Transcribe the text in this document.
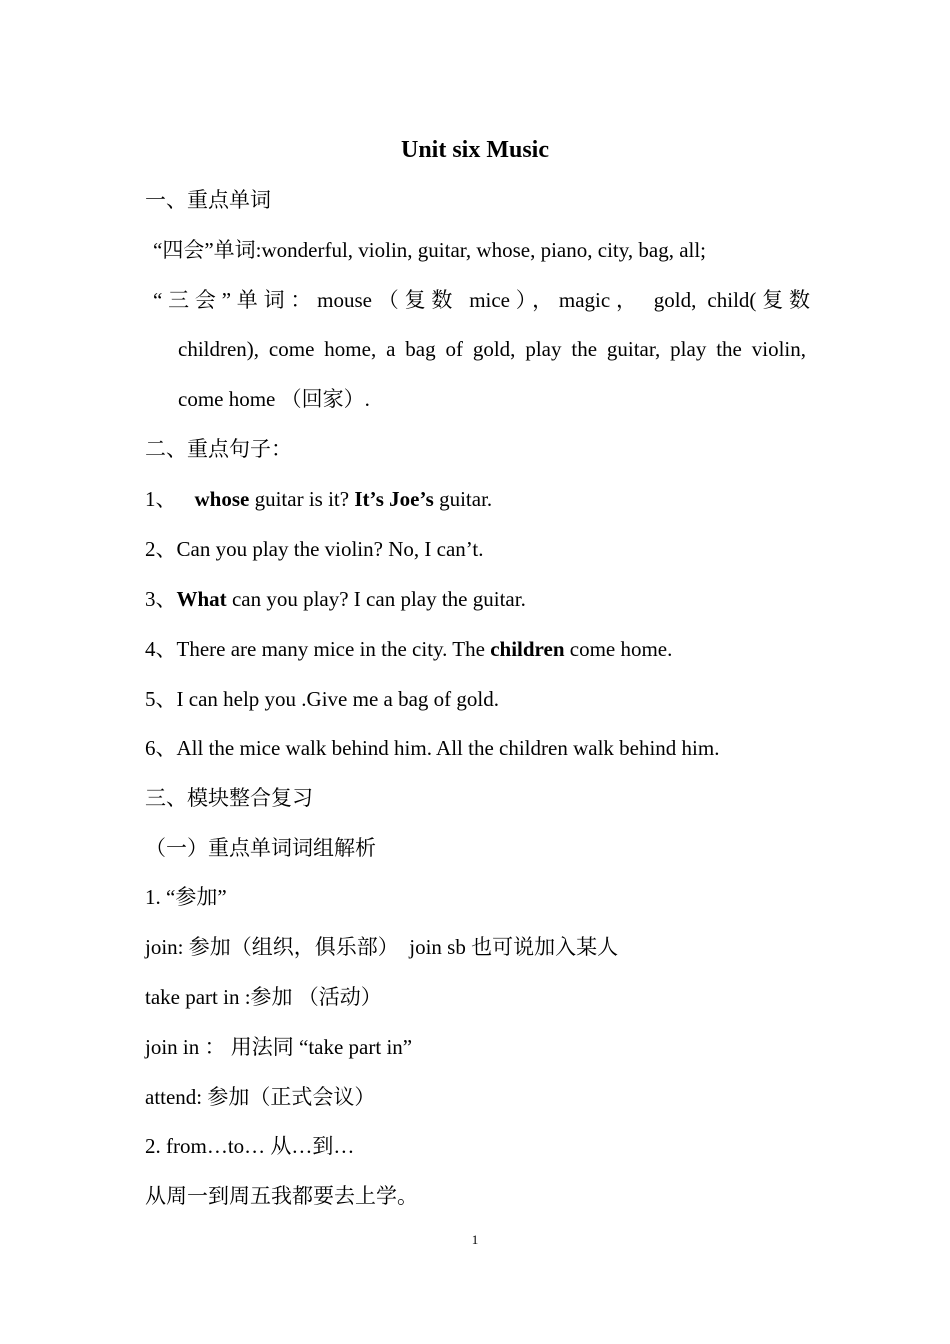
Unit six Music
一、重点单词
“四会”单词:wonderful, violin, guitar, whose, piano, city, bag, all;
“三会”单词：mouse（复数 mice），magic， gold, child(复数
children), come home, a bag of gold, play the guitar, play the violin,
come home （回家）.
二、重点句子：
1、 whose guitar is it? It’s Joe’s guitar.
2、Can you play the violin? No, I can’t.
3、What can you play? I can play the guitar.
4、There are many mice in the city. The children come home.
5、I can help you .Give me a bag of gold.
6、All the mice walk behind him. All the children walk behind him.
三、模块整合复习
（一）重点单词词组解析
1. “参加”
join: 参加（组织，俱乐部）  join sb 也可说加入某人
take part in :参加 （活动）
join in ： 用法同 “take part in”
attend: 参加（正式会议）
2. from…to… 从…到…
从周一到周五我都要去上学。
1
